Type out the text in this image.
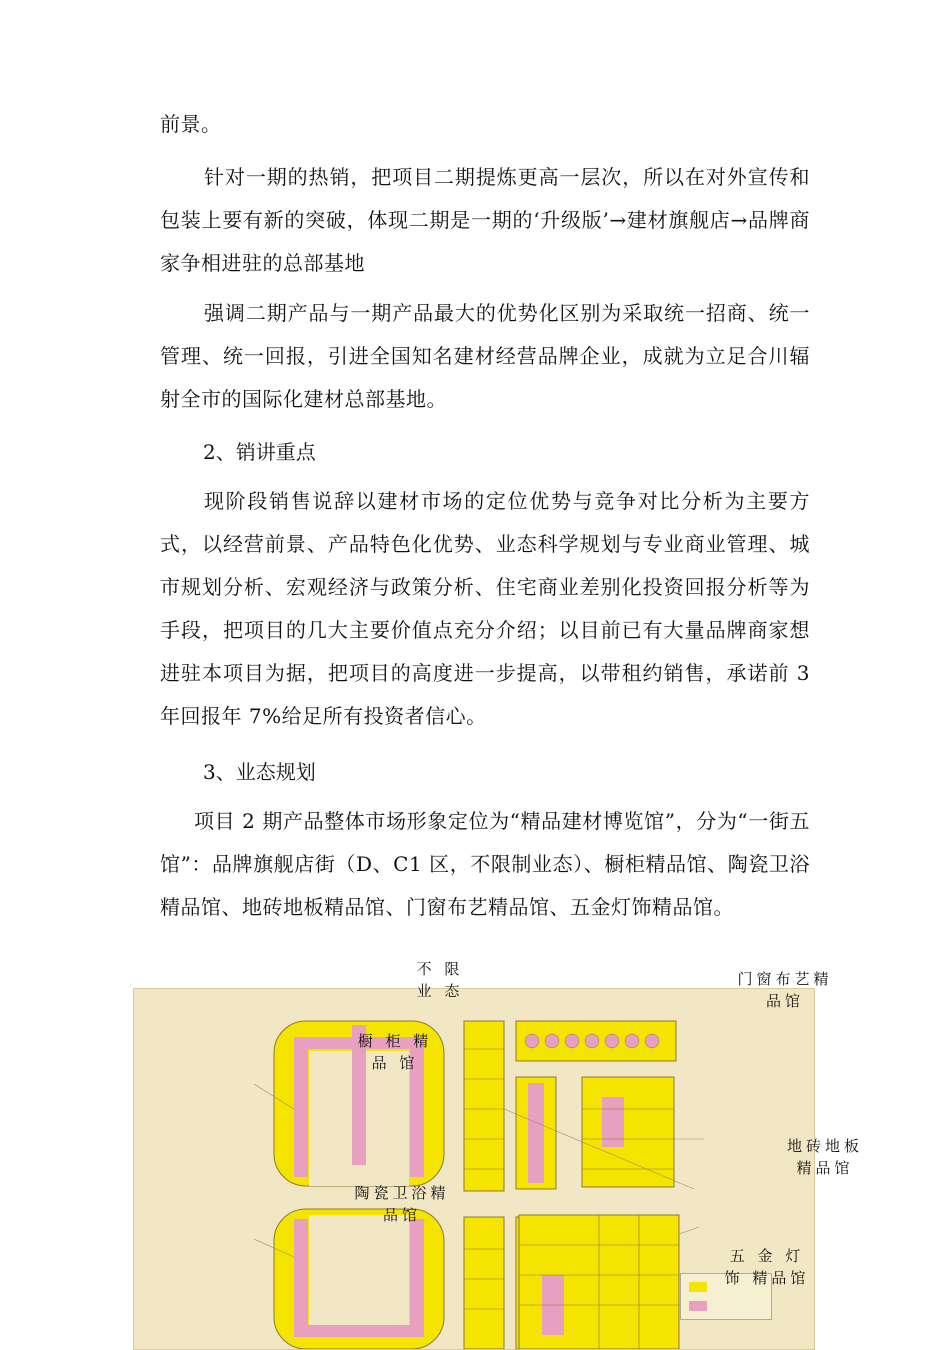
前景。

针对一期的热销，把项目二期提炼更高一层次，所以在对外宣传和包装上要有新的突破，体现二期是一期的‘升级版’→建材旗舰店→品牌商家争相进驻的总部基地

强调二期产品与一期产品最大的优势化区别为采取统一招商、统一管理、统一回报，引进全国知名建材经营品牌企业，成就为立足合川辐射全市的国际化建材总部基地。

2、销讲重点

现阶段销售说辞以建材市场的定位优势与竞争对比分析为主要方式，以经营前景、产品特色化优势、业态科学规划与专业商业管理、城市规划分析、宏观经济与政策分析、住宅商业差别化投资回报分析等为手段，把项目的几大主要价值点充分介绍；以目前已有大量品牌商家想进驻本项目为据，把项目的高度进一步提高，以带租约销售，承诺前 3 年回报年 7%给足所有投资者信心。

3、业态规划

项目 2 期产品整体市场形象定位为“精品建材博览馆”，分为“一街五馆”：品牌旗舰店街（D、C1 区，不限制业态）、橱柜精品馆、陶瓷卫浴精品馆、地砖地板精品馆、门窗布艺精品馆、五金灯饰精品馆。

不 限 业 态
门窗布艺精品馆
橱 柜 精 品 馆
地砖地板精品馆
陶瓷卫浴精品馆
五 金 灯 饰 精品馆
